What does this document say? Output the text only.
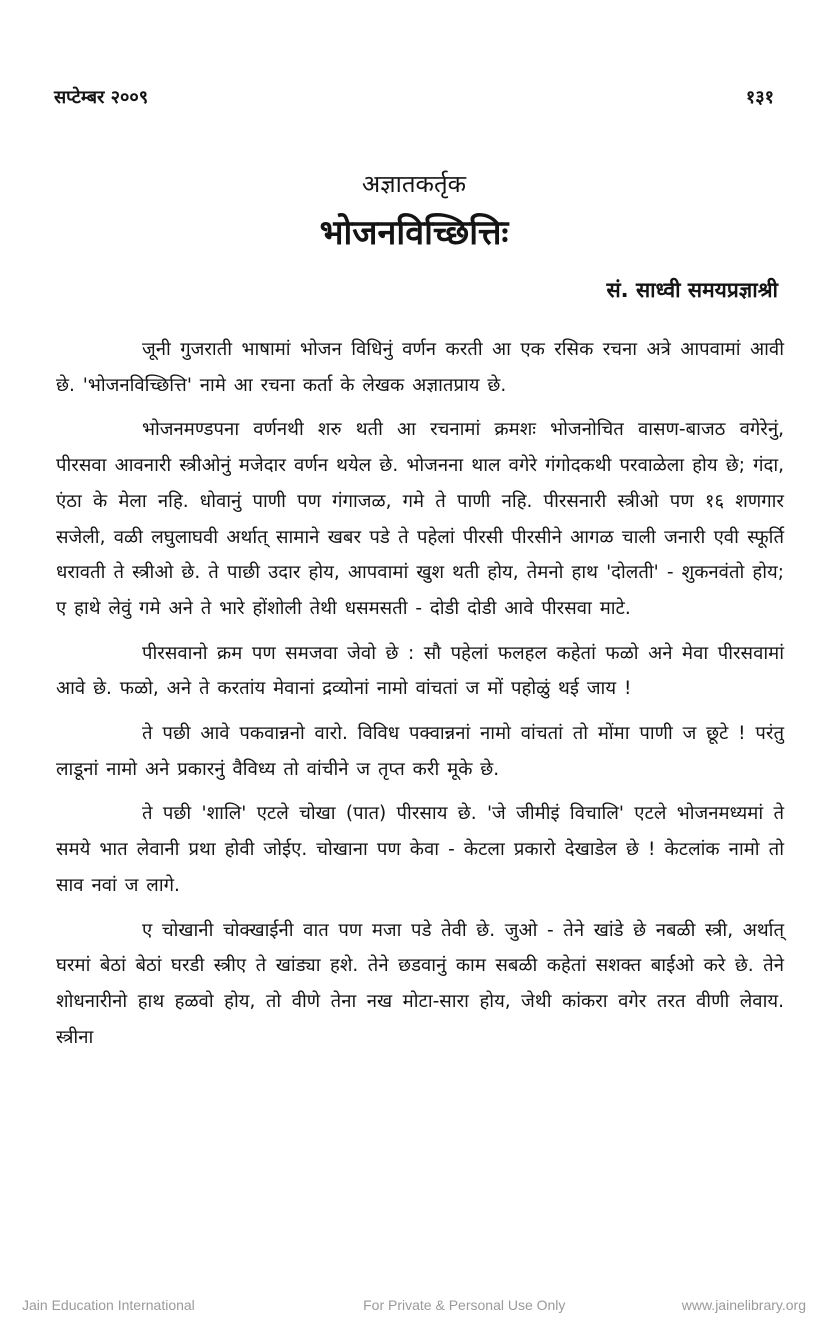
सप्टेम्बर २००९	१३१
अज्ञातकर्तृक
भोजनविच्छित्तिः
सं. साध्वी समयप्रज्ञाश्री

जूनी गुजराती भाषामां भोजन विधिनुं वर्णन करती आ एक रसिक रचना अत्रे आपवामां आवी छे. 'भोजनविच्छित्ति' नामे आ रचना कर्ता के लेखक अज्ञातप्राय छे.

भोजनमण्डपना वर्णनथी शरु थती आ रचनामां क्रमशः भोजनोचित वासण-बाजठ वगेरेनुं, पीरसवा आवनारी स्त्रीओनुं मजेदार वर्णन थयेल छे. भोजनना थाल वगेरे गंगोदकथी परवाळेला होय छे; गंदा, एंठा के मेला नहि. धोवानुं पाणी पण गंगाजळ, गमे ते पाणी नहि. पीरसनारी स्त्रीओ पण १६ शणगार सजेली, वळी लघुलाघवी अर्थात् सामाने खबर पडे ते पहेलां पीरसी पीरसीने आगळ चाली जनारी एवी स्फूर्ति धरावती ते स्त्रीओ छे. ते पाछी उदार होय, आपवामां खुश थती होय, तेमनो हाथ 'दोलती' - शुकनवंतो होय; ए हाथे लेवुं गमे अने ते भारे होंशोली तेथी धसमसती - दोडी दोडी आवे पीरसवा माटे.

पीरसवानो क्रम पण समजवा जेवो छे : सौ पहेलां फलहल कहेतां फळो अने मेवा पीरसवामां आवे छे. फळो, अने ते करतांय मेवानां द्रव्योनां नामो वांचतां ज मों पहोळुं थई जाय !

ते पछी आवे पकवान्ननो वारो. विविध पक्वान्ननां नामो वांचतां तो मोंमा पाणी ज छूटे ! परंतु लाडूनां नामो अने प्रकारनुं वैविध्य तो वांचीने ज तृप्त करी मूके छे.

ते पछी 'शालि' एटले चोखा (पात) पीरसाय छे. 'जे जीमीइं विचालि' एटले भोजनमध्यमां ते समये भात लेवानी प्रथा होवी जोईए. चोखाना पण केवा - केटला प्रकारो देखाडेल छे ! केटलांक नामो तो साव नवां ज लागे.

ए चोखानी चोक्खाईनी वात पण मजा पडे तेवी छे. जुओ - तेने खांडे छे नबळी स्त्री, अर्थात् घरमां बेठां बेठां घरडी स्त्रीए ते खांड्या हशे. तेने छडवानुं काम सबळी कहेतां सशक्त बाईओ करे छे. तेने शोधनारीनो हाथ हळवो होय, तो वीणे तेना नख मोटा-सारा होय, जेथी कांकरा वगेर तरत वीणी लेवाय. स्त्रीना

Jain Education International	For Private & Personal Use Only	www.jainelibrary.org
